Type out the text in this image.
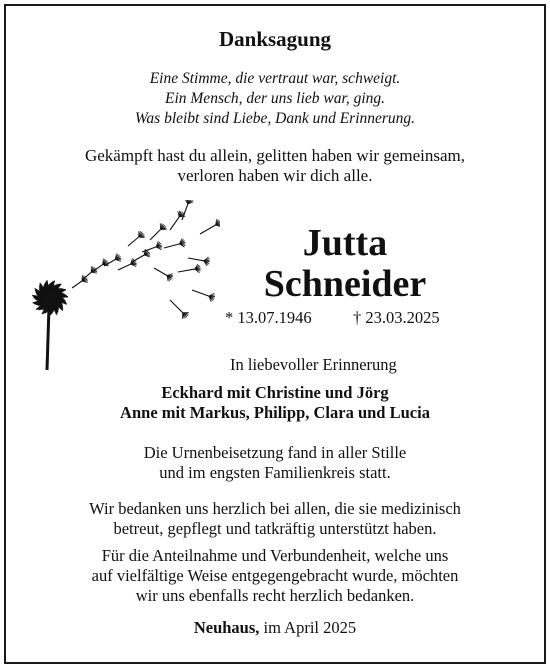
Danksagung
Eine Stimme, die vertraut war, schweigt.
Ein Mensch, der uns lieb war, ging.
Was bleibt sind Liebe, Dank und Erinnerung.
Gekämpft hast du allein, gelitten haben wir gemeinsam,
verloren haben wir dich alle.
Jutta
Schneider
* 13.07.1946	† 23.03.2025
In liebevoller Erinnerung
Eckhard mit Christine und Jörg
Anne mit Markus, Philipp, Clara und Lucia
Die Urnenbeisetzung fand in aller Stille
und im engsten Familienkreis statt.
Wir bedanken uns herzlich bei allen, die sie medizinisch
betreut, gepflegt und tatkräftig unterstützt haben.
Für die Anteilnahme und Verbundenheit, welche uns
auf vielfältige Weise entgegengebracht wurde, möchten
wir uns ebenfalls recht herzlich bedanken.
Neuhaus, im April 2025
